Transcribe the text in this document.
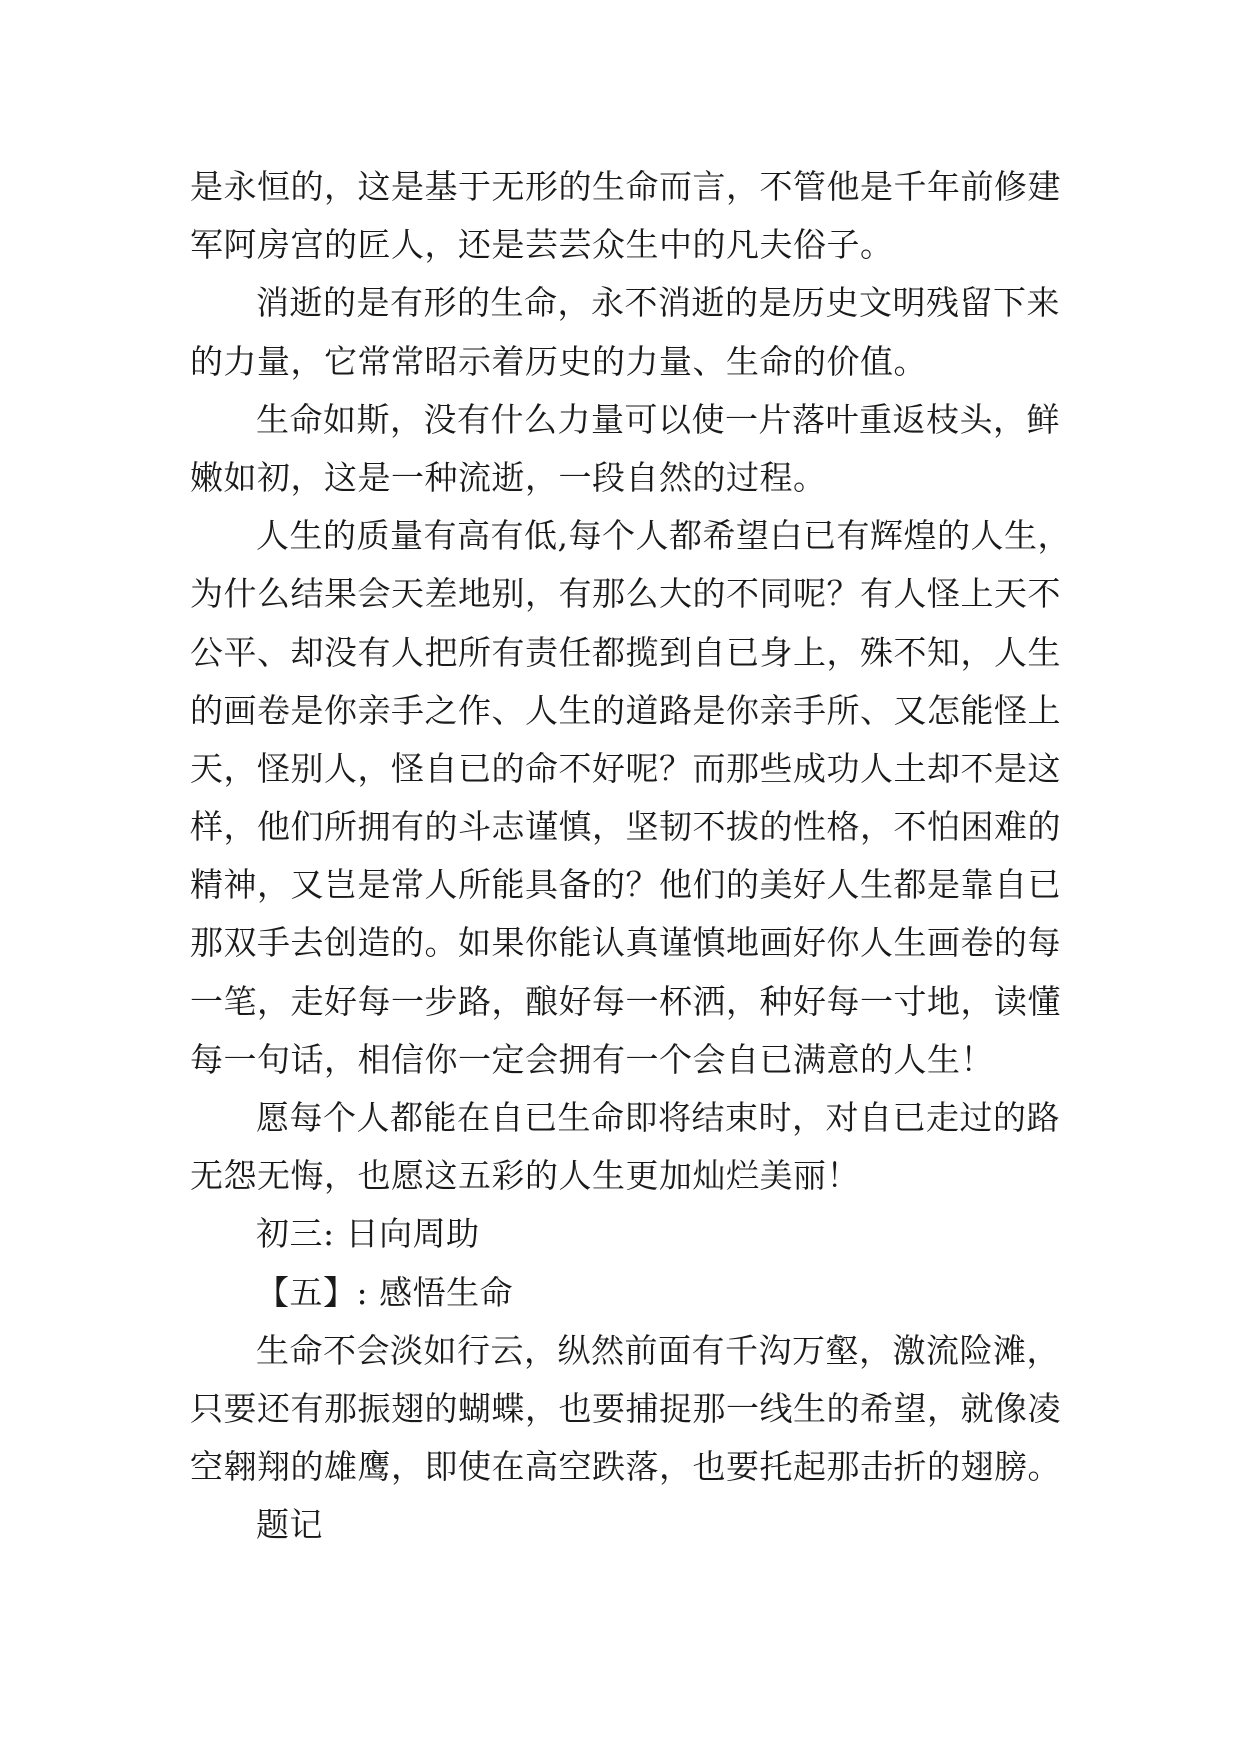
是永恒的，这是基于无形的生命而言，不管他是千年前修建
军阿房宫的匠人，还是芸芸众生中的凡夫俗子。
消逝的是有形的生命，永不消逝的是历史文明残留下来
的力量，它常常昭示着历史的力量、生命的价值。
生命如斯，没有什么力量可以使一片落叶重返枝头，鲜
嫩如初，这是一种流逝，一段自然的过程。
人生的质量有高有低,每个人都希望白已有辉煌的人生，
为什么结果会天差地别，有那么大的不同呢？有人怪上天不
公平、却没有人把所有责任都揽到自已身上，殊不知，人生
的画卷是你亲手之作、人生的道路是你亲手所、又怎能怪上
天，怪别人，怪自已的命不好呢？而那些成功人土却不是这
样，他们所拥有的斗志谨慎，坚韧不拔的性格，不怕困难的
精神，又岂是常人所能具备的？他们的美好人生都是靠自已
那双手去创造的。如果你能认真谨慎地画好你人生画卷的每
一笔，走好每一步路，酿好每一杯洒，种好每一寸地，读懂
每一句话，相信你一定会拥有一个会自已满意的人生！
愿每个人都能在自已生命即将结束时，对自已走过的路
无怨无悔，也愿这五彩的人生更加灿烂美丽！
初三: 日向周助
【五】: 感悟生命
生命不会淡如行云，纵然前面有千沟万壑，激流险滩，
只要还有那振翅的蝴蝶，也要捕捉那一线生的希望，就像凌
空翱翔的雄鹰，即使在高空跌落，也要托起那击折的翅膀。
题记
